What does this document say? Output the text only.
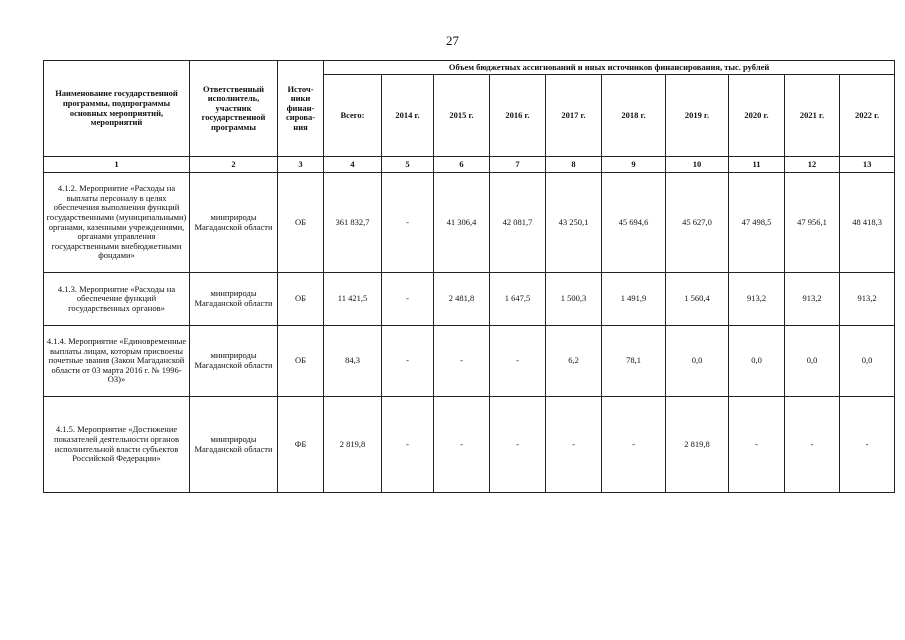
27
Наименование государственной программы, подпрограммы основных мероприятий, мероприятий	Ответственный исполнитель, участник государственной программы	Источ-ники финан-сирова-ния	Объем бюджетных ассигнований и иных источников финансирования, тыс. рублей									
			Всего:	2014 г.	2015 г.	2016 г.	2017 г.	2018 г.	2019 г.	2020 г.	2021 г.	2022 г.
1	2	3	4	5	6	7	8	9	10	11	12	13
4.1.2. Мероприятие «Расходы на выплаты персоналу в целях обеспечения выполнения функций государственными (муниципальными) органами, казенными учреждениями, органами управления государственными внебюджетными фондами»	минприроды Магаданской области	ОБ	361 832,7	-	41 306,4	42 081,7	43 250,1	45 694,6	45 627,0	47 498,5	47 956,1	48 418,3
4.1.3. Мероприятие «Расходы на обеспечение функций государственных органов»	минприроды Магаданской области	ОБ	11 421,5	-	2 481,8	1 647,5	1 500,3	1 491,9	1 560,4	913,2	913,2	913,2
4.1.4. Мероприятие «Единовременные выплаты лицам, которым присвоены почетные звания (Закон Магаданской области от 03 марта 2016 г. № 1996-ОЗ)»	минприроды Магаданской области	ОБ	84,3	-	-	-	6,2	78,1	0,0	0,0	0,0	0,0
4.1.5. Мероприятие «Достижение показателей деятельности органов исполнительной власти субъектов Российской Федерации»	минприроды Магаданской области	ФБ	2 819,8	-	-	-	-	-	2 819,8	-	-	-
